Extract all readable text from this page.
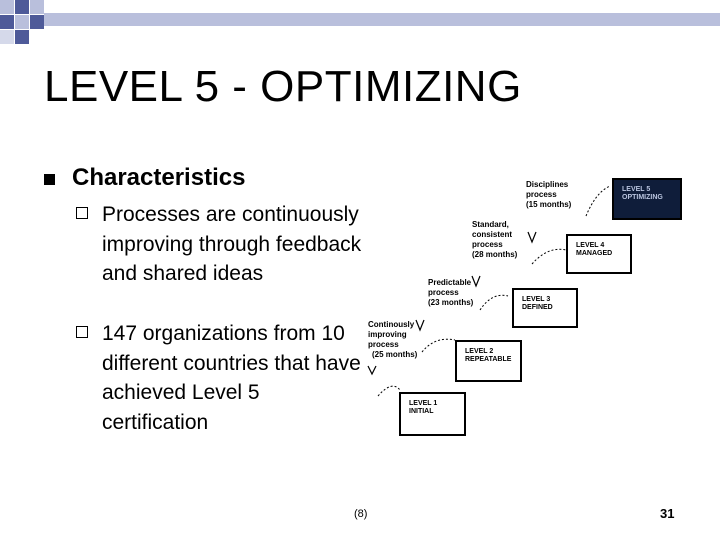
LEVEL 5 - OPTIMIZING
Characteristics
Processes are continuously improving through feedback and shared ideas
147 organizations from 10 different countries that have achieved Level 5 certification
LEVEL 1
INITIAL
LEVEL 2
REPEATABLE
LEVEL 3
DEFINED
LEVEL 4
MANAGED
LEVEL 5
OPTIMIZING
Continously
improving
process
(25 months)
Predictable
process
(23 months)
Standard,
consistent
process
(28 months)
Disciplines
process
(15 months)
(8)	31
